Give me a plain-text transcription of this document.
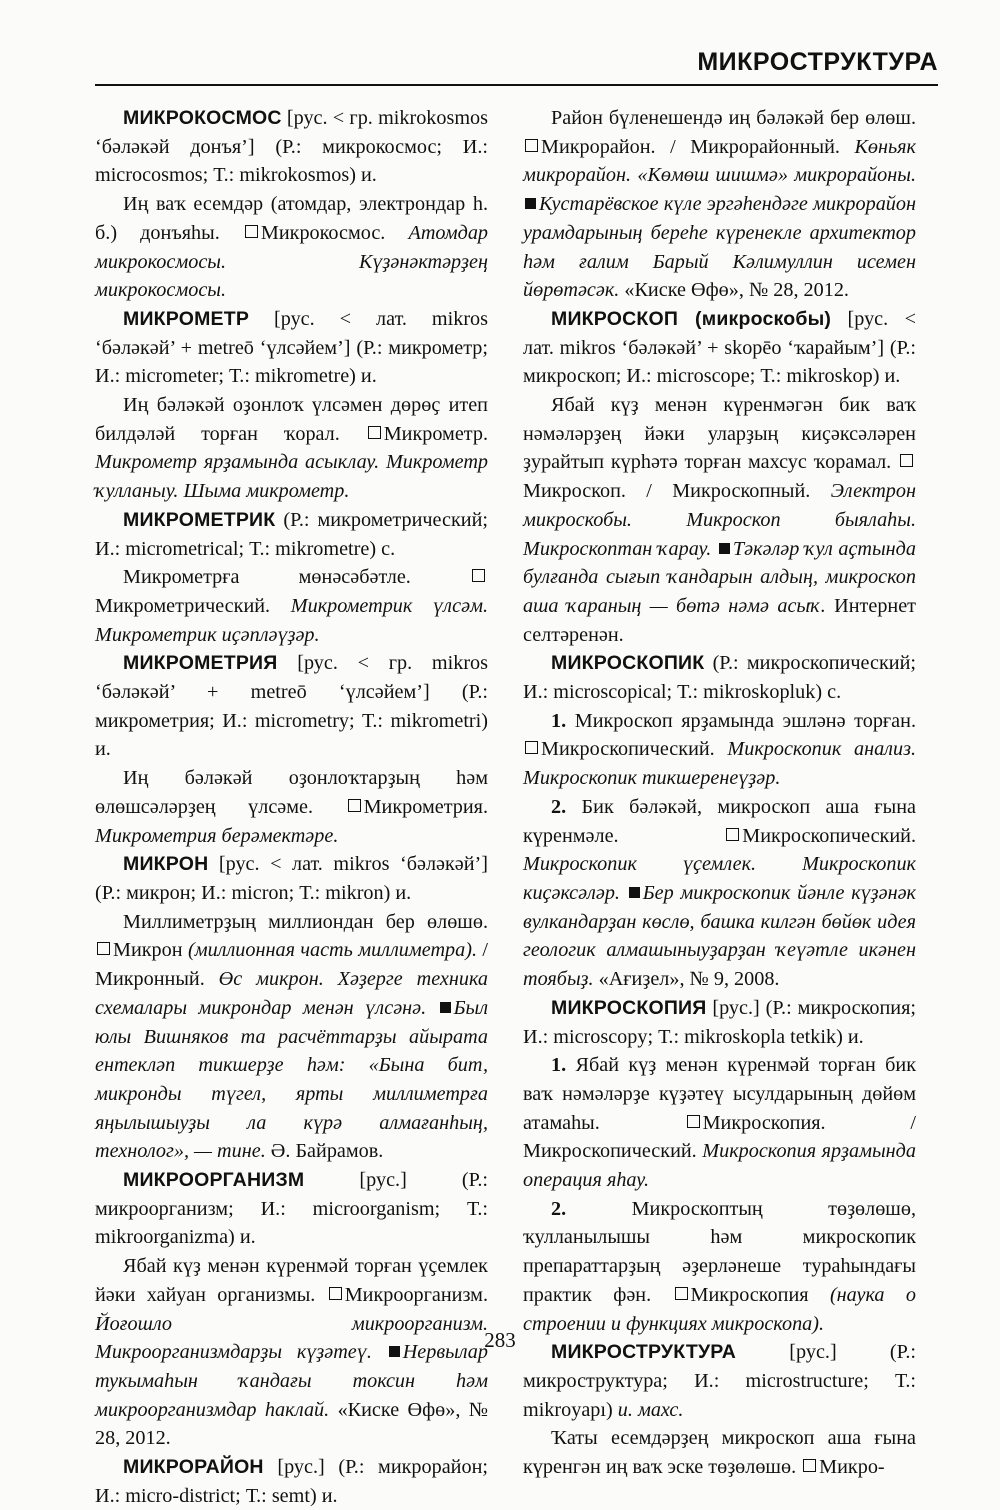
МИКРОСТРУКТУРА

МИКРОКОСМОС [рус. < гр. mikrokosmos ‘бәләкәй донъя’] (Р.: микрокосмос; И.: microcosmos; Т.: mikrokosmos) и.

Иң ваҡ есемдәр (атомдар, электрондар һ. б.) донъяһы. Микрокосмос. Атомдар микрокосмосы. Күҙәнәктәрҙең микрокосмосы.

МИКРОМЕТР [рус. < лат. mikros ‘бәләкәй’ + metreō ‘үлсәйем’] (Р.: микрометр; И.: micrometer; Т.: mikrometre) и.

Иң бәләкәй оҙонлоҡ үлсәмен дөрөҫ итеп билдәләй торған ҡорал. Микрометр. Микрометр ярҙамында асыклау. Микрометр ҡулланыу. Шыма микрометр.

МИКРОМЕТРИК (Р.: микрометрический; И.: micrometrical; Т.: mikrometre) с.

Микрометрға мөнәсәбәтле. Микрометрический. Микрометрик үлсәм. Микрометрик иҫәпләүҙәр.

МИКРОМЕТРИЯ [рус. < гр. mikros ‘бәләкәй’ + metreō ‘үлсәйем’] (Р.: микрометрия; И.: micrometry; Т.: mikrometri) и.

Иң бәләкәй оҙонлоҡтарҙың һәм өлөшсәләрҙең үлсәме.	Микрометрия. Микрометрия берәмектәре.

МИКРОН [рус. < лат. mikros ‘бәләкәй’] (Р.: микрон; И.: micron; Т.: mikron) и.

Миллиметрҙың миллиондан бер өлөшө. Микрон (миллионная часть миллиметра). / Микронный. Өс микрон. Хәҙерге техника схемалары микрондар менән үлсәнә. Был юлы Вишняков та расчёттарҙы айырата ентекләп тикшерҙе һәм: «Бына бит, микронды түгел, ярты миллиметрға яңылышыуҙы ла күрә алмағанһың, технолог», — тине. Ә. Байрамов.

МИКРООРГАНИЗМ [рус.] (Р.: микроорганизм; И.: microorganism; Т.: mikroorganizma) и.

Ябай күҙ менән күренмәй торған үҫемлек йәки хайуан организмы. Микроорганизм. Йоғошло микроорганизм. Микроорганизмдарҙы күҙәтеү. Нервылар тукымаһын ҡандағы токсин һәм микроорганизмдар һаклай. «Киске Өфө», № 28, 2012.

МИКРОРАЙОН [рус.] (Р.: микрорайон; И.: micro-district; Т.: semt) и.

Район бүленешендә иң бәләкәй бер өлөш. Микрорайон. / Микрорайонный. Көньяк микрорайон. «Көмөш шишмә» микрорайоны. Кустарёвское күле эргәһендәге микрорайон урамдарының береһе күренекле архитектор һәм ғалим Барый Кәлимуллин исемен йөрөтәсәк. «Киске Өфө», № 28, 2012.

МИКРОСКОП (микроскобы) [рус. < лат. mikros ‘бәләкәй’ + skopēo ‘ҡарайым’] (Р.: микроскоп; И.: microscope; Т.: mikroskop) и.

Ябай күҙ менән күренмәгән бик ваҡ нәмәләрҙең йәки уларҙың киҫәксәләрен ҙурайтып күрһәтә торған махсус ҡорамал. Микроскоп. / Микроскопный. Электрон микроскобы. Микроскоп быялаһы. Микроскоптан ҡарау. Тәкәләр ҡул аҫтында булғанда сығып ҡандарын алдың, микроскоп аша ҡараның — бөтә нәмә асыҡ. Интернет селтәренән.

МИКРОСКОПИК (Р.: микроскопический; И.: microscopical; Т.: mikroskopluk) с.

1. Микроскоп ярҙамында эшләнә торған. Микроскопический. Микроскопик анализ. Микроскопик тикшеренеүҙәр.

2. Бик бәләкәй, микроскоп аша ғына күренмәле.	Микроскопический. Микроскопик үҫемлек. Микроскопик киҫәксәләр. Бер микроскопик йәнле күҙәнәк вулкандарҙан көслө, башка килгән бөйөк идея геологик алмашыныуҙарҙан ҡеүәтле икәнен тоябыҙ. «Ағиҙел», № 9, 2008.

МИКРОСКОПИЯ [рус.] (Р.: микроскопия; И.: microscopy; Т.: mikroskopla tetkik) и.

1. Ябай күҙ менән күренмәй торған бик ваҡ нәмәләрҙе күҙәтеү ысулдарының дөйөм атамаһы.	Микроскопия. / Микроскопический. Микроскопия ярҙамында операция яһау.

2.	Микроскоптың төҙөлөшө, ҡулланылышы һәм микроскопик препараттарҙың әҙерләнеше тураһындағы практик фән. Микроскопия (наука о строении и функциях микроскопа).

МИКРОСТРУКТУРА [рус.] (Р.: микроструктура; И.: microstructure; Т.: mikroyapı) и. махс.

Ҡаты есемдәрҙең микроскоп аша ғына күренгән иң ваҡ эске төҙөлөшө. Микро-

283
